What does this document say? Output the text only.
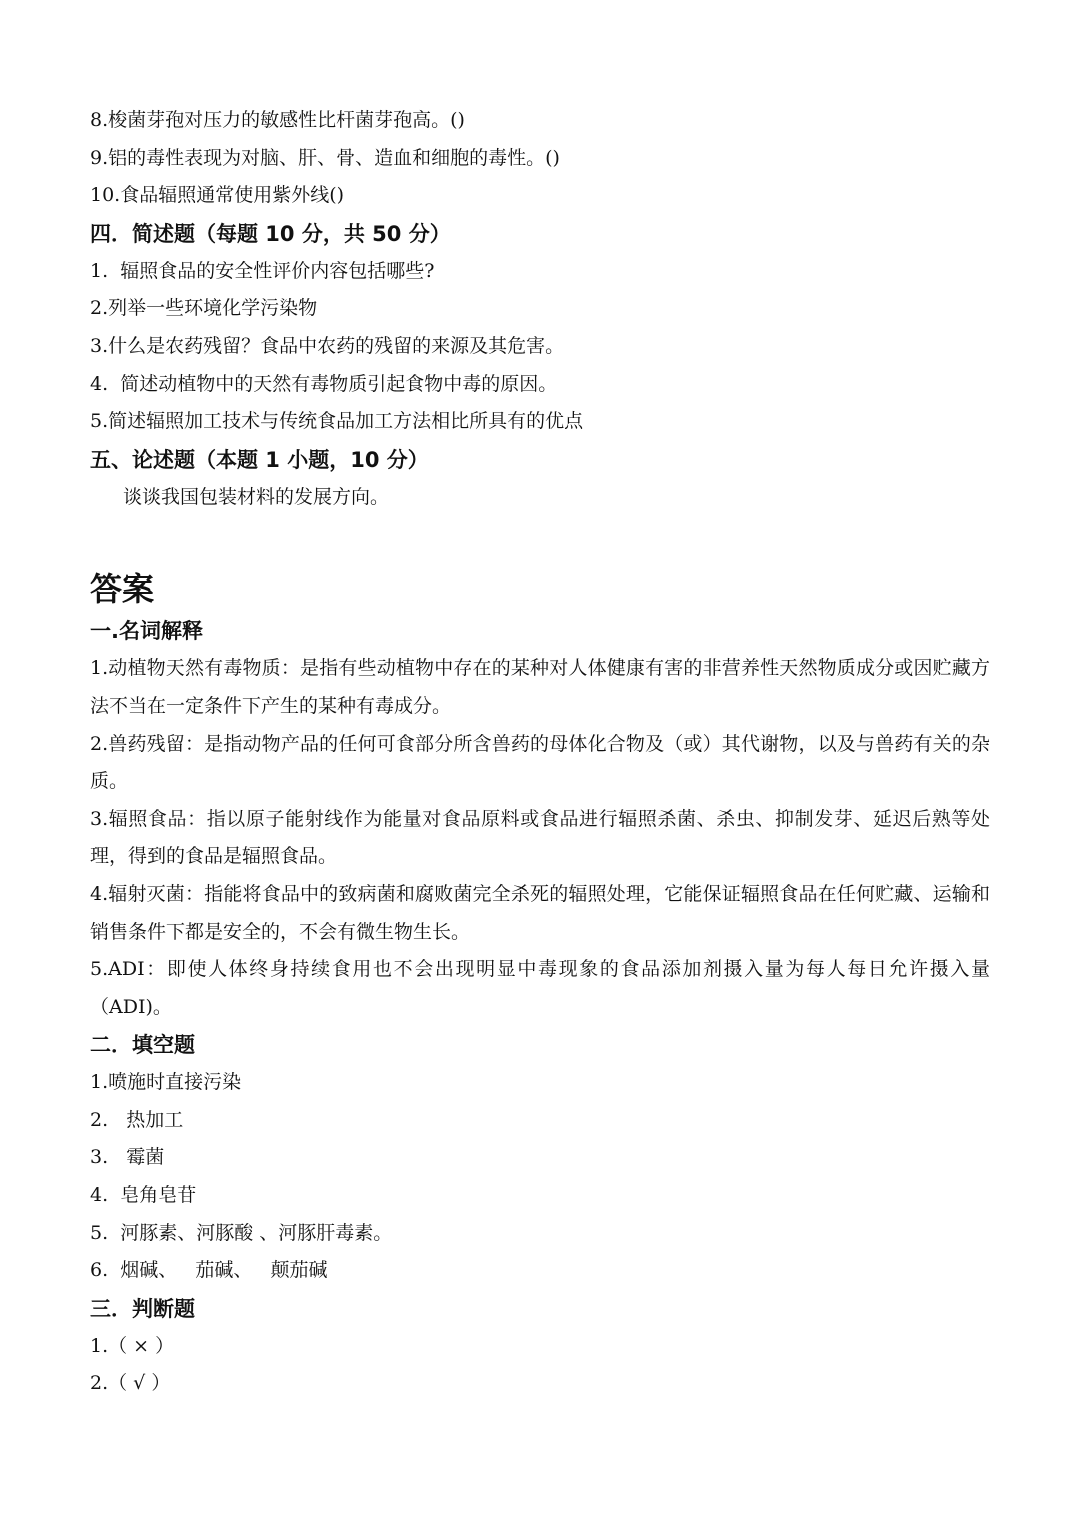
8.梭菌芽孢对压力的敏感性比杆菌芽孢高。()

9.铝的毒性表现为对脑、肝、骨、造血和细胞的毒性。()

10.食品辐照通常使用紫外线()

四．简述题（每题 10 分，共 50 分）

1.  辐照食品的安全性评价内容包括哪些?

2.列举一些环境化学污染物

3.什么是农药残留？食品中农药的残留的来源及其危害。

4.  简述动植物中的天然有毒物质引起食物中毒的原因。

5.简述辐照加工技术与传统食品加工方法相比所具有的优点

五、论述题（本题 1 小题，10 分）

谈谈我国包装材料的发展方向。

答案

一.名词解释

1.动植物天然有毒物质：是指有些动植物中存在的某种对人体健康有害的非营养性天然物质成分或因贮藏方法不当在一定条件下产生的某种有毒成分。

2.兽药残留：是指动物产品的任何可食部分所含兽药的母体化合物及（或）其代谢物，以及与兽药有关的杂质。

3.辐照食品：指以原子能射线作为能量对食品原料或食品进行辐照杀菌、杀虫、抑制发芽、延迟后熟等处理，得到的食品是辐照食品。

4.辐射灭菌：指能将食品中的致病菌和腐败菌完全杀死的辐照处理，它能保证辐照食品在任何贮藏、运输和销售条件下都是安全的，不会有微生物生长。

5.ADI：即使人体终身持续食用也不会出现明显中毒现象的食品添加剂摄入量为每人每日允许摄入量（ADI)。

二．填空题

1.喷施时直接污染

2.   热加工

3.   霉菌

4.  皂角皂苷

5.  河豚素、河豚酸 、河豚肝毒素。

6.  烟碱、   茄碱、   颠茄碱

三．判断题

1.（ × ）

2.（ √ ）
